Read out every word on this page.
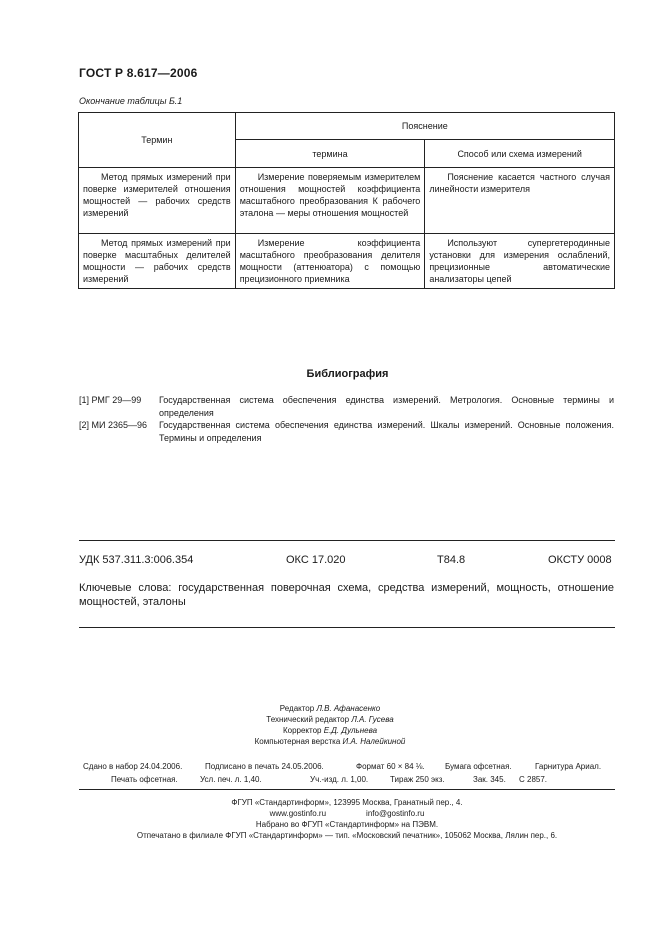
ГОСТ Р 8.617—2006
Окончание таблицы Б.1
Термин	Пояснение	
	термина	Способ или схема измерений
Метод прямых измерений при поверке измерителей отношения мощностей — рабочих средств измерений	Измерение поверяемым измерителем отношения мощностей коэффициента масштабного преобразования К рабочего эталона — меры отношения мощностей	Пояснение касается частного случая линейности измерителя
Метод прямых измерений при поверке масштабных делителей мощности — рабочих средств измерений	Измерение коэффициента масштабного преобразования делителя мощности (аттенюатора) с помощью прецизионного приемника	Используют супергетеродинные установки для измерения ослаблений, прецизионные автоматические анализаторы цепей
Библиография
[1] РМГ 29—99	Государственная система обеспечения единства измерений. Метрология. Основные термины и определения
[2] МИ 2365—96	Государственная система обеспечения единства измерений. Шкалы измерений. Основные положения. Термины и определения
УДК 537.311.3:006.354	ОКС 17.020	Т84.8	ОКСТУ 0008
Ключевые слова: государственная поверочная схема, средства измерений, мощность, отношение мощностей, эталоны
Редактор Л.В. Афанасенко
Технический редактор Л.А. Гусева
Корректор Е.Д. Дульнева
Компьютерная верстка И.А. Налейкиной
Сдано в набор 24.04.2006.	Подписано в печать 24.05.2006.	Формат 60 × 84 ⅛.	Бумага офсетная.	Гарнитура Ариал.
Печать офсетная.	Усл. печ. л. 1,40.	Уч.-изд. л. 1,00.	Тираж 250 экз.	Зак. 345. С 2857.
ФГУП «Стандартинформ», 123995 Москва, Гранатный пер., 4.
www.gostinfo.ru	info@gostinfo.ru
Набрано во ФГУП «Стандартинформ» на ПЭВМ.
Отпечатано в филиале ФГУП «Стандартинформ» — тип. «Московский печатник», 105062 Москва, Лялин пер., 6.
